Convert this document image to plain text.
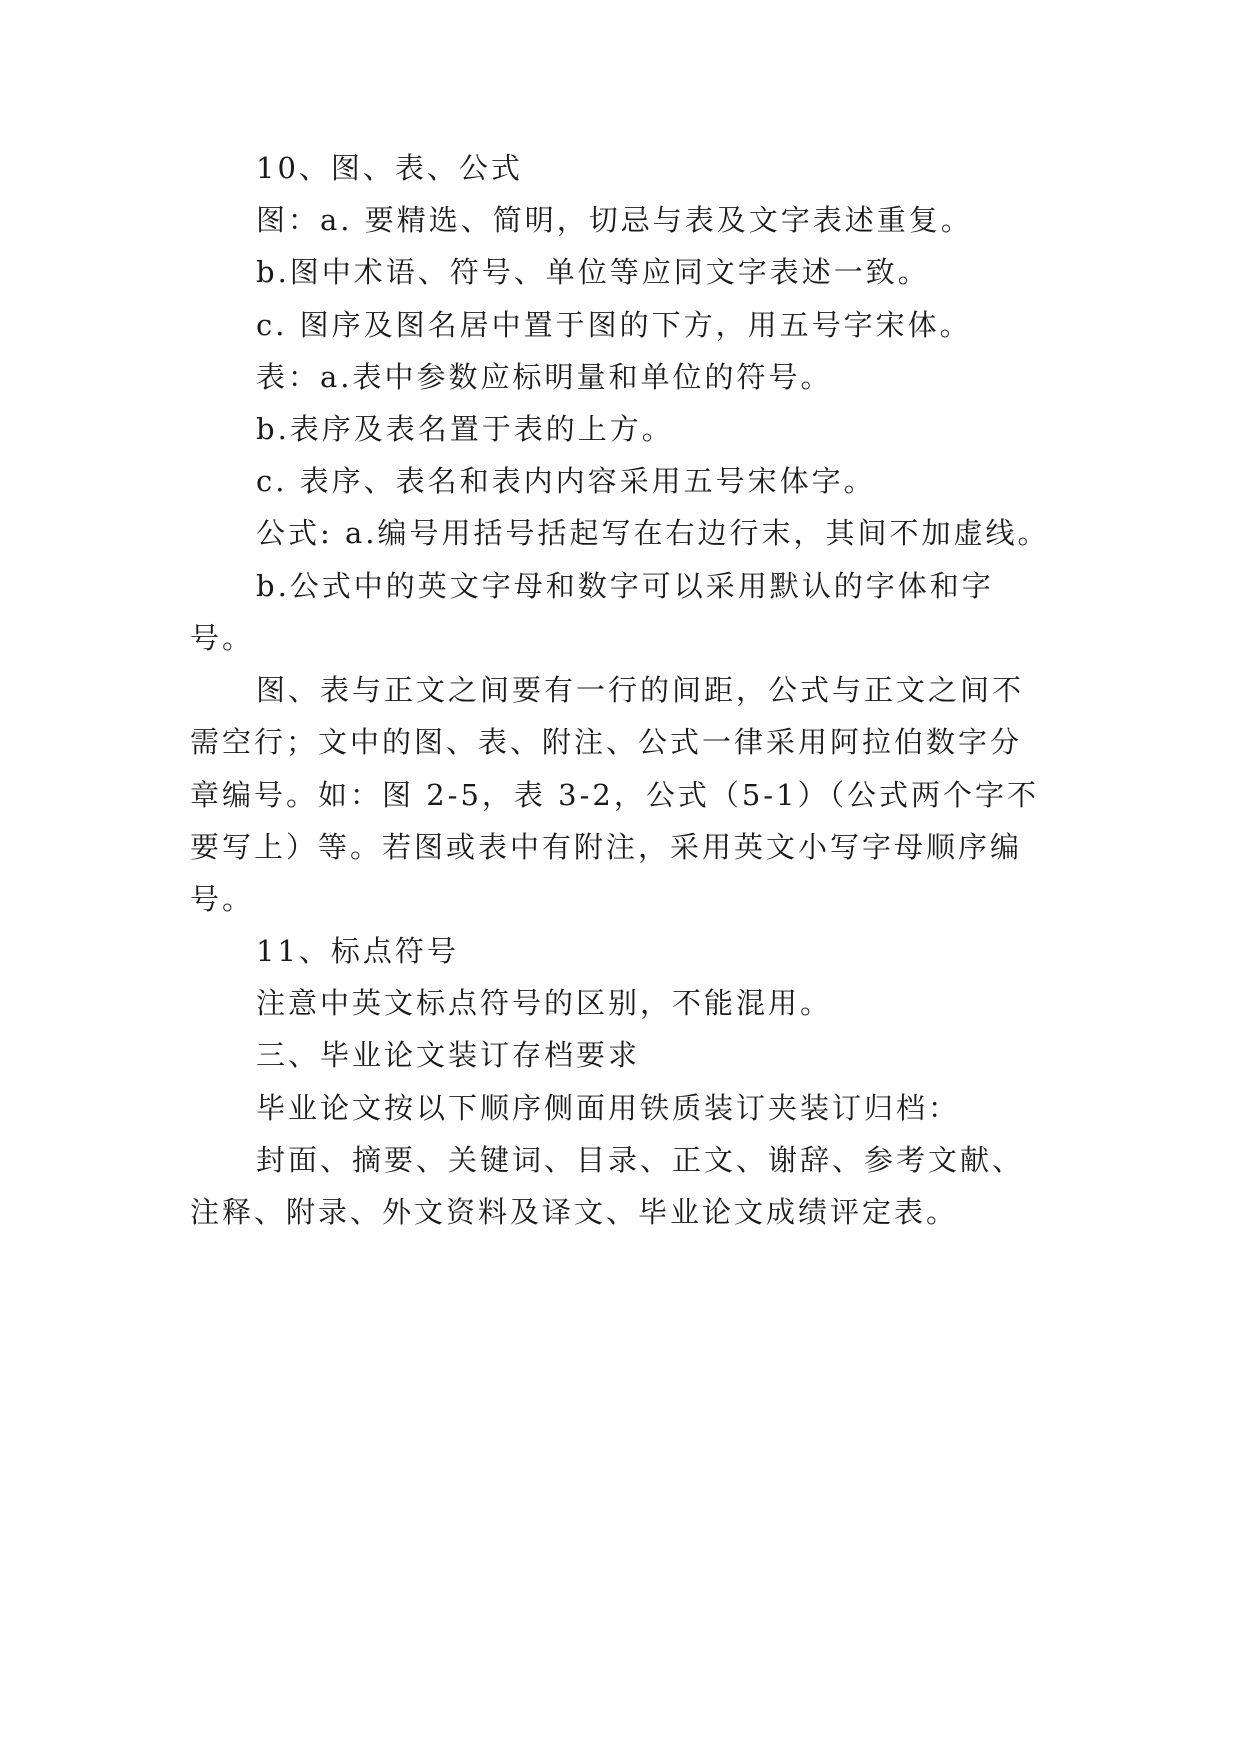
10、图、表、公式

图：a. 要精选、简明，切忌与表及文字表述重复。

b.图中术语、符号、单位等应同文字表述一致。

c. 图序及图名居中置于图的下方，用五号字宋体。

表：a.表中参数应标明量和单位的符号。

b.表序及表名置于表的上方。

c. 表序、表名和表内内容采用五号宋体字。

公式: a.编号用括号括起写在右边行末，其间不加虚线。

b.公式中的英文字母和数字可以采用默认的字体和字

号。

图、表与正文之间要有一行的间距，公式与正文之间不

需空行；文中的图、表、附注、公式一律采用阿拉伯数字分

章编号。如：图 2-5，表 3-2，公式（5-1）（公式两个字不

要写上）等。若图或表中有附注，采用英文小写字母顺序编

号。

11、标点符号

注意中英文标点符号的区别，不能混用。

三、毕业论文装订存档要求

毕业论文按以下顺序侧面用铁质装订夹装订归档：

封面、摘要、关键词、目录、正文、谢辞、参考文献、

注释、附录、外文资料及译文、毕业论文成绩评定表。
